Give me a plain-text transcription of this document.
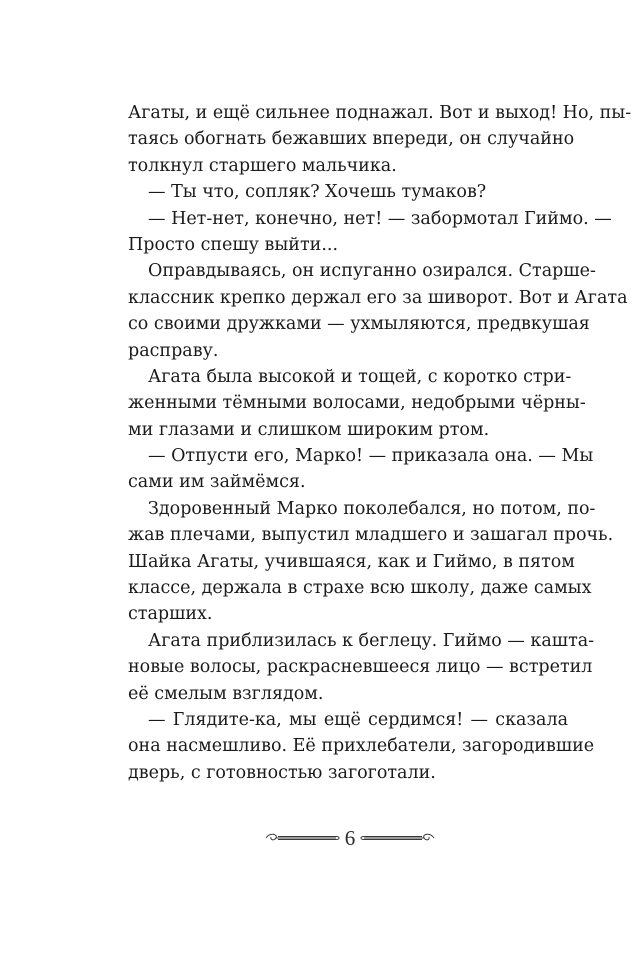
Агаты, и ещё сильнее поднажал. Вот и выход! Но, пы-
таясь обогнать бежавших впереди, он случайно
толкнул старшего мальчика.
— Ты что, сопляк? Хочешь тумаков?
— Нет-нет, конечно, нет! — забормотал Гиймо. —
Просто спешу выйти...
Оправдываясь, он испуганно озирался. Старше-
классник крепко держал его за шиворот. Вот и Агата
со своими дружками — ухмыляются, предвкушая
расправу.
Агата была высокой и тощей, с коротко стри-
женными тёмными волосами, недобрыми чёрны-
ми глазами и слишком широким ртом.
— Отпусти его, Марко! — приказала она. — Мы
сами им займёмся.
Здоровенный Марко поколебался, но потом, по-
жав плечами, выпустил младшего и зашагал прочь.
Шайка Агаты, учившаяся, как и Гиймо, в пятом
классе, держала в страхе всю школу, даже самых
старших.
Агата приблизилась к беглецу. Гиймо — кашта-
новые волосы, раскрасневшееся лицо — встретил
её смелым взглядом.
— Глядите-ка, мы ещё сердимся! — сказала
она насмешливо. Её прихлебатели, загородившие
дверь, с готовностью загоготали.
6
